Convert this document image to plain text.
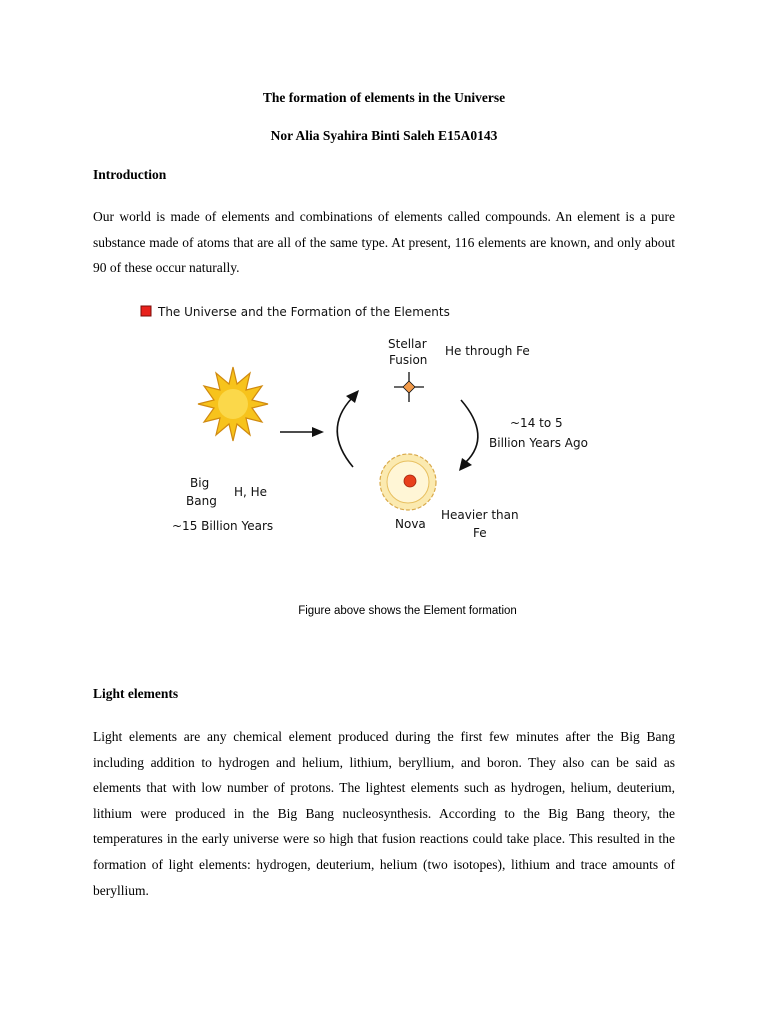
The formation of elements in the Universe
Nor Alia Syahira Binti Saleh E15A0143
Introduction
Our world is made of elements and combinations of elements called compounds. An element is a pure substance made of atoms that are all of the same type. At present, 116 elements are known, and only about 90 of these occur naturally.
The Universe and the Formation of the Elements
Big
Bang
H, He
~15 Billion Years
Stellar
Fusion
He through Fe
~14 to 5
Billion Years Ago
Nova
Heavier than
Fe
Figure above shows the Element formation
Light elements
Light elements are any chemical element produced during the first few minutes after the Big Bang including addition to hydrogen and helium, lithium, beryllium, and boron. They also can be said as elements that with low number of protons. The lightest elements such as hydrogen, helium, deuterium, lithium were produced in the Big Bang nucleosynthesis. According to the Big Bang theory, the temperatures in the early universe were so high that fusion reactions could take place. This resulted in the formation of light elements: hydrogen, deuterium, helium (two isotopes), lithium and trace amounts of beryllium.
